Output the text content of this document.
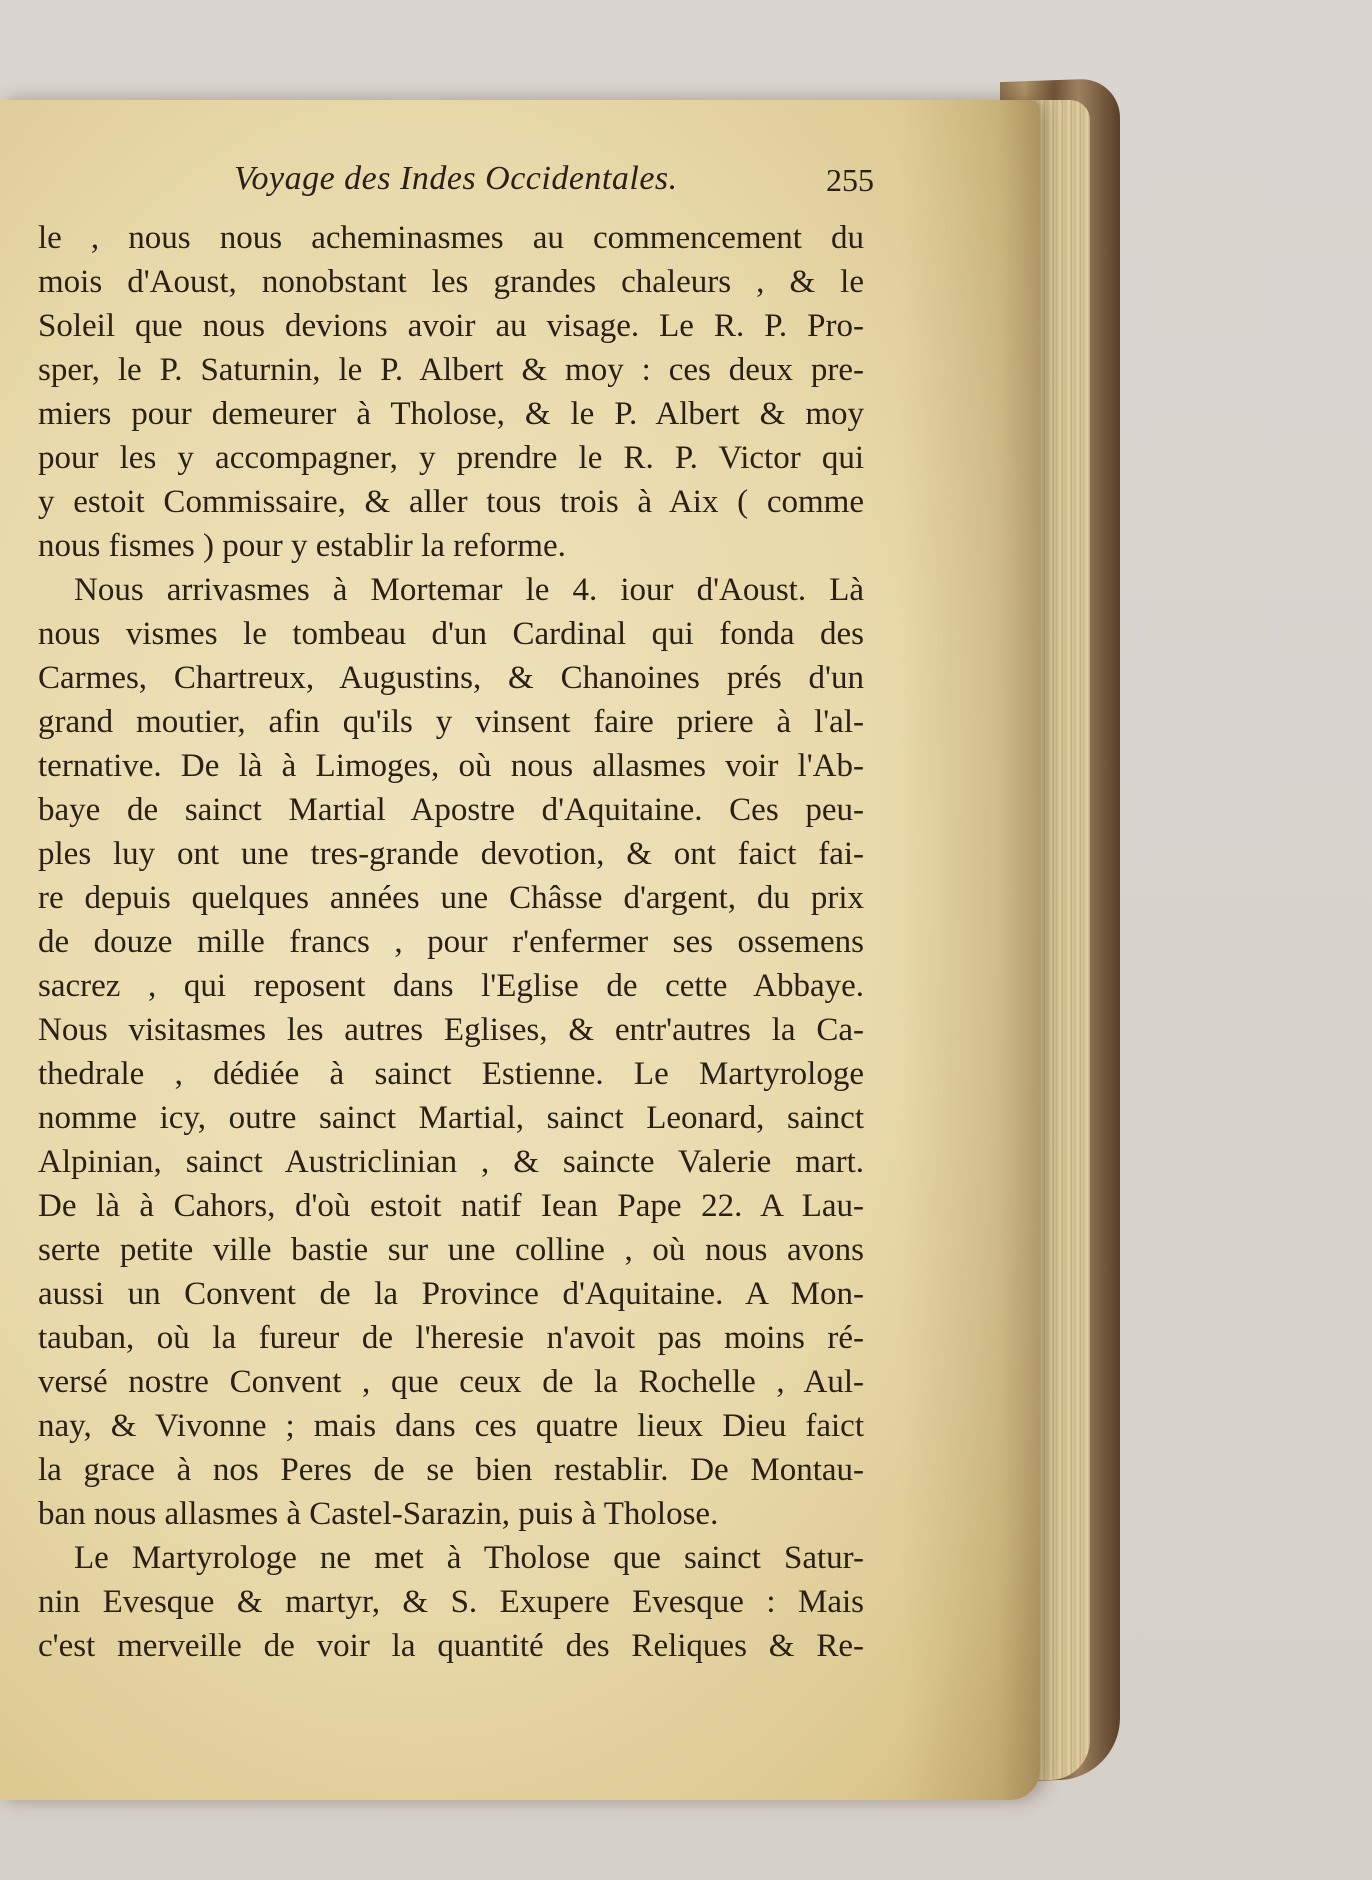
Voyage des Indes Occidentales.	255
le , nous nous acheminasmes au commencement du
mois d'Aoust, nonobstant les grandes chaleurs , & le
Soleil que nous devions avoir au visage. Le R. P. Pro-
sper, le P. Saturnin, le P. Albert & moy : ces deux pre-
miers pour demeurer à Tholose, & le P. Albert & moy
pour les y accompagner, y prendre le R. P. Victor qui
y estoit Commissaire, & aller tous trois à Aix ( comme
nous fismes ) pour y establir la reforme.
Nous arrivasmes à Mortemar le 4. iour d'Aoust. Là
nous vismes le tombeau d'un Cardinal qui fonda des
Carmes, Chartreux, Augustins, & Chanoines prés d'un
grand moutier, afin qu'ils y vinsent faire priere à l'al-
ternative. De là à Limoges, où nous allasmes voir l'Ab-
baye de sainct Martial Apostre d'Aquitaine. Ces peu-
ples luy ont une tres-grande devotion, & ont faict fai-
re depuis quelques années une Châsse d'argent, du prix
de douze mille francs , pour r'enfermer ses ossemens
sacrez , qui reposent dans l'Eglise de cette Abbaye.
Nous visitasmes les autres Eglises, & entr'autres la Ca-
thedrale , dédiée à sainct Estienne. Le Martyrologe
nomme icy, outre sainct Martial, sainct Leonard, sainct
Alpinian, sainct Austriclinian , & saincte Valerie mart.
De là à Cahors, d'où estoit natif Iean Pape 22. A Lau-
serte petite ville bastie sur une colline , où nous avons
aussi un Convent de la Province d'Aquitaine. A Mon-
tauban, où la fureur de l'heresie n'avoit pas moins ré-
versé nostre Convent , que ceux de la Rochelle , Aul-
nay, & Vivonne ; mais dans ces quatre lieux Dieu faict
la grace à nos Peres de se bien restablir. De Montau-
ban nous allasmes à Castel-Sarazin, puis à Tholose.
Le Martyrologe ne met à Tholose que sainct Satur-
nin Evesque & martyr, & S. Exupere Evesque : Mais
c'est merveille de voir la quantité des Reliques & Re-
